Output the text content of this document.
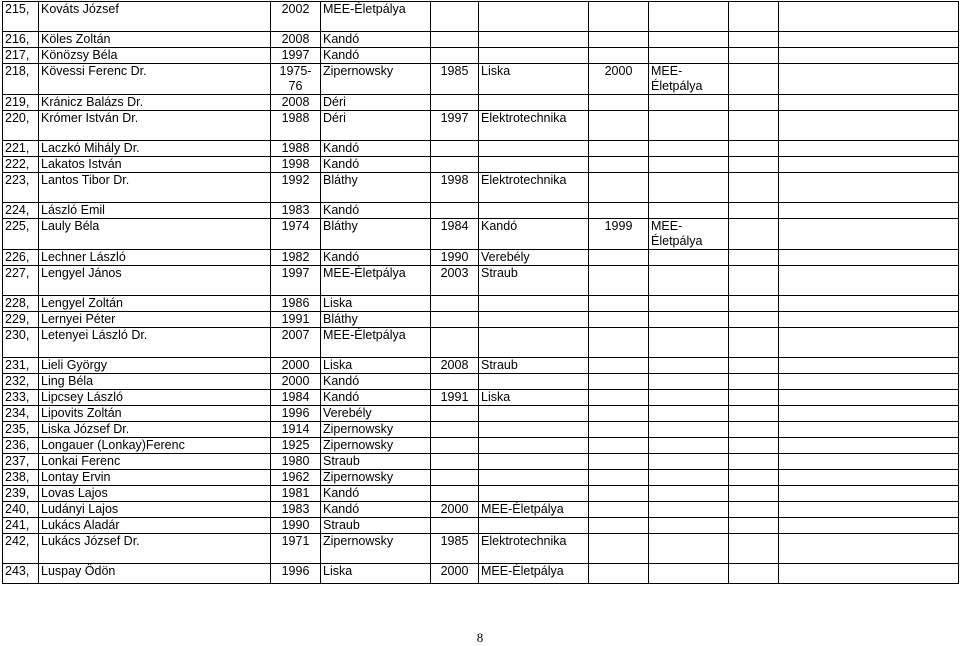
215,	Kováts József	2002	MEE-Életpálya						
216,	Köles Zoltán	2008	Kandó						
217,	Könözsy Béla	1997	Kandó						
218,	Kövessi Ferenc Dr.	1975-76	Zipernowsky	1985	Liska	2000	MEE-Életpálya		
219,	Kránicz Balázs Dr.	2008	Déri						
220,	Krómer István Dr.	1988	Déri	1997	Elektrotechnika				
221,	Laczkó Mihály Dr.	1988	Kandó						
222,	Lakatos István	1998	Kandó						
223,	Lantos Tibor Dr.	1992	Bláthy	1998	Elektrotechnika				
224,	László Emil	1983	Kandó						
225,	Lauly Béla	1974	Bláthy	1984	Kandó	1999	MEE-Életpálya		
226,	Lechner László	1982	Kandó	1990	Verebély				
227,	Lengyel János	1997	MEE-Életpálya	2003	Straub				
228,	Lengyel Zoltán	1986	Liska						
229,	Lernyei Péter	1991	Bláthy						
230,	Letenyei László Dr.	2007	MEE-Életpálya						
231,	Lieli György	2000	Liska	2008	Straub				
232,	Ling Béla	2000	Kandó						
233,	Lipcsey László	1984	Kandó	1991	Liska				
234,	Lipovits Zoltán	1996	Verebély						
235,	Liska József Dr.	1914	Zipernowsky						
236,	Longauer (Lonkay)Ferenc	1925	Zipernowsky						
237,	Lonkai Ferenc	1980	Straub						
238,	Lontay Ervin	1962	Zipernowsky						
239,	Lovas Lajos	1981	Kandó						
240,	Ludányi Lajos	1983	Kandó	2000	MEE-Életpálya				
241,	Lukács Aladár	1990	Straub						
242,	Lukács József Dr.	1971	Zipernowsky	1985	Elektrotechnika				
243,	Luspay Ödön	1996	Liska	2000	MEE-Életpálya				
8
